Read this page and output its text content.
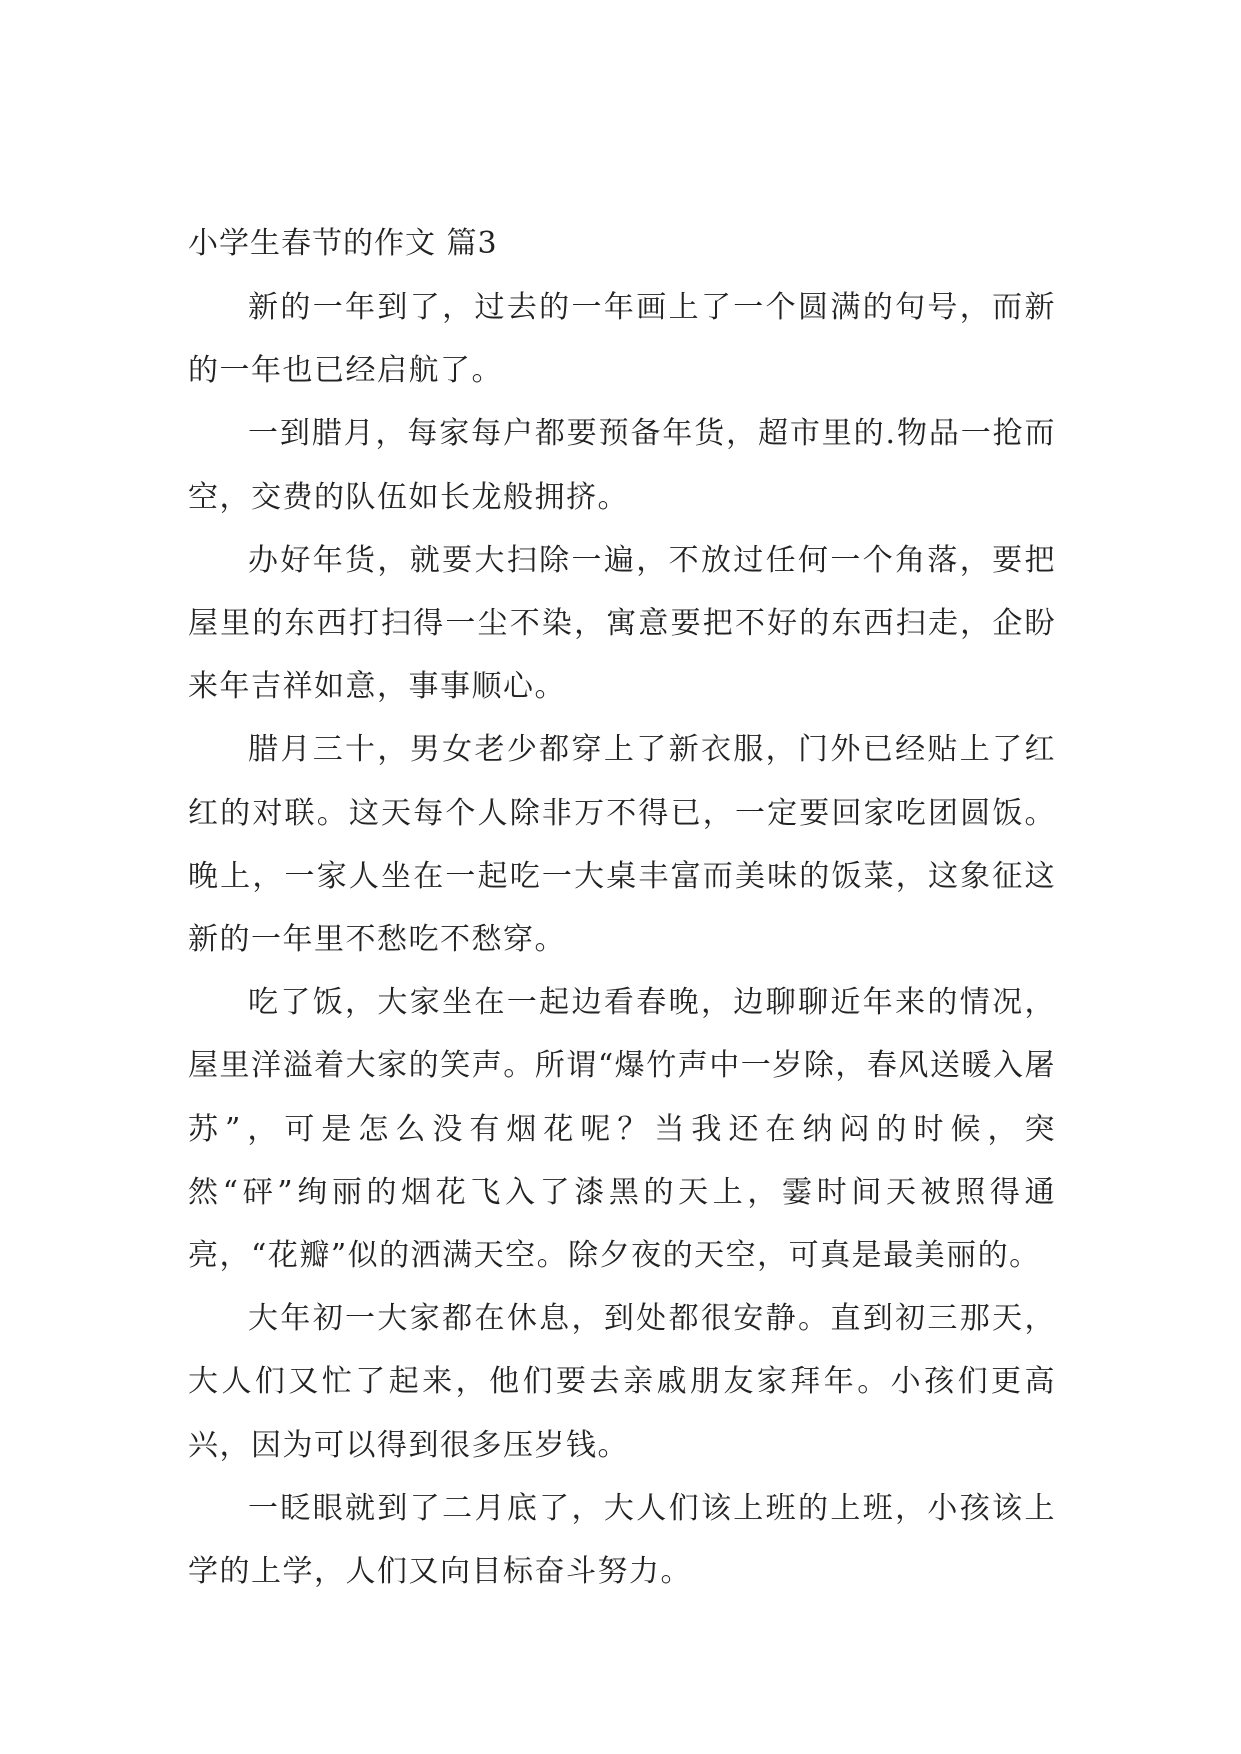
小学生春节的作文 篇3

新的一年到了，过去的一年画上了一个圆满的句号，而新的一年也已经启航了。

一到腊月，每家每户都要预备年货，超市里的.物品一抢而空，交费的队伍如长龙般拥挤。

办好年货，就要大扫除一遍，不放过任何一个角落，要把屋里的东西打扫得一尘不染，寓意要把不好的东西扫走，企盼来年吉祥如意，事事顺心。

腊月三十，男女老少都穿上了新衣服，门外已经贴上了红红的对联。这天每个人除非万不得已，一定要回家吃团圆饭。晚上，一家人坐在一起吃一大桌丰富而美味的饭菜，这象征这新的一年里不愁吃不愁穿。

吃了饭，大家坐在一起边看春晚，边聊聊近年来的情况，屋里洋溢着大家的笑声。所谓“爆竹声中一岁除，春风送暖入屠苏”，可是怎么没有烟花呢？当我还在纳闷的时候，突然“砰”绚丽的烟花飞入了漆黑的天上，霎时间天被照得通亮，“花瓣”似的洒满天空。除夕夜的天空，可真是最美丽的。

大年初一大家都在休息，到处都很安静。直到初三那天，大人们又忙了起来，他们要去亲戚朋友家拜年。小孩们更高兴，因为可以得到很多压岁钱。

一眨眼就到了二月底了，大人们该上班的上班，小孩该上学的上学，人们又向目标奋斗努力。
